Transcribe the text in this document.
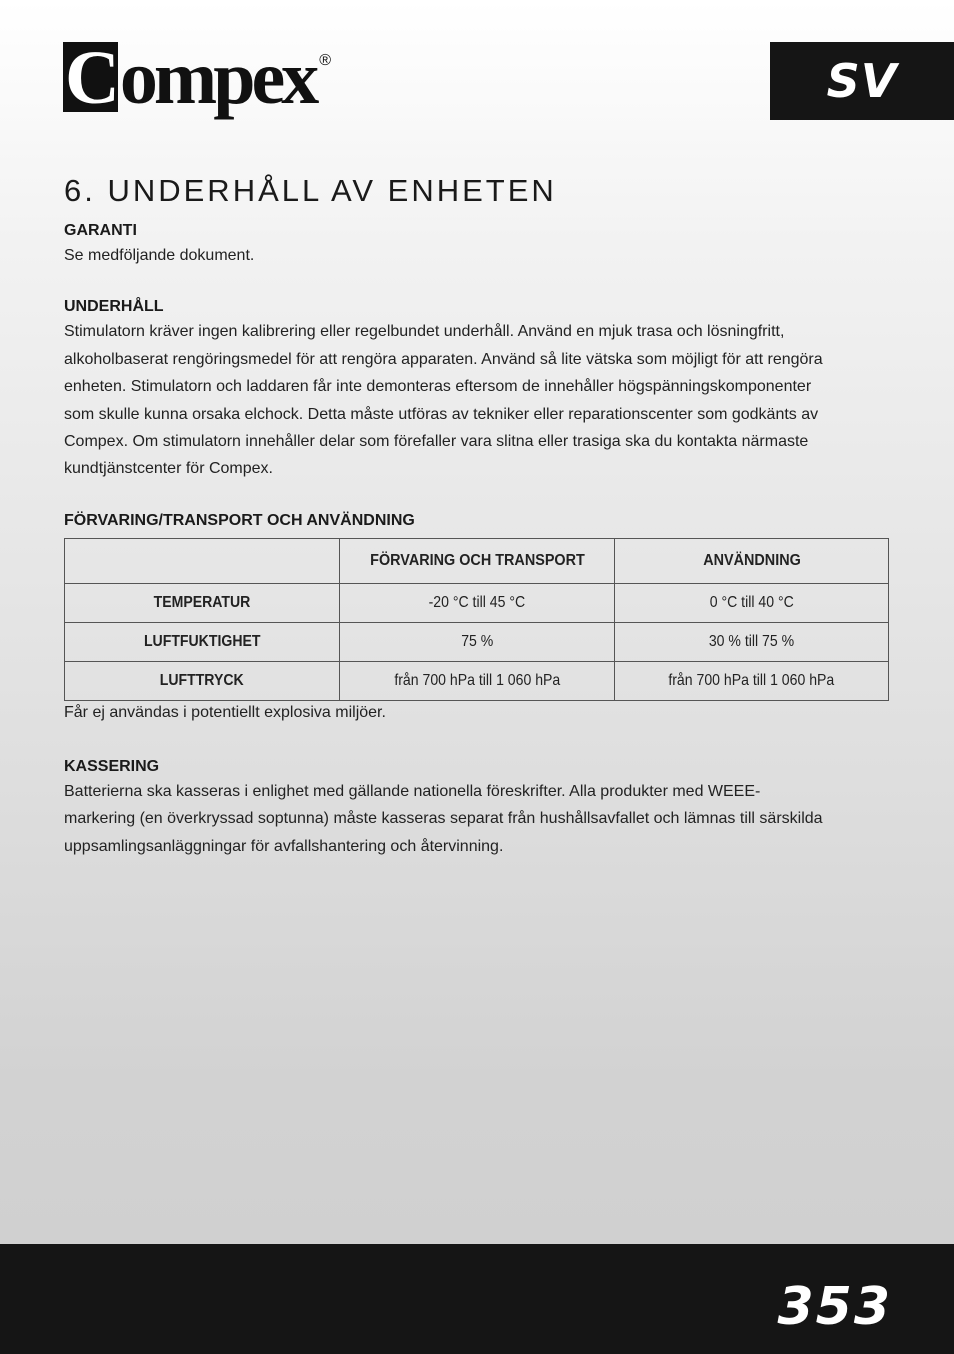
Compex ®	SV
6. UNDERHÅLL AV ENHETEN

GARANTI

Se medföljande dokument.

UNDERHÅLL

Stimulatorn kräver ingen kalibrering eller regelbundet underhåll. Använd en mjuk trasa och lösningfritt,

alkoholbaserat rengöringsmedel för att rengöra apparaten. Använd så lite vätska som möjligt för att rengöra

enheten. Stimulatorn och laddaren får inte demonteras eftersom de innehåller högspänningskomponenter

som skulle kunna orsaka elchock. Detta måste utföras av tekniker eller reparationscenter som godkänts av

Compex. Om stimulatorn innehåller delar som förefaller vara slitna eller trasiga ska du kontakta närmaste

kundtjänstcenter för Compex.

FÖRVARING/TRANSPORT OCH ANVÄNDNING

	FÖRVARING OCH TRANSPORT	ANVÄNDNING
TEMPERATUR	-20 °C till 45 °C	0 °C till 40 °C
LUFTFUKTIGHET	75 %	30 % till 75 %
LUFTTRYCK	från 700 hPa till 1 060 hPa	från 700 hPa till 1 060 hPa

Får ej användas i potentiellt explosiva miljöer.

KASSERING

Batterierna ska kasseras i enlighet med gällande nationella föreskrifter. Alla produkter med WEEE-

markering (en överkryssad soptunna) måste kasseras separat från hushållsavfallet och lämnas till särskilda

uppsamlingsanläggningar för avfallshantering och återvinning.

353
